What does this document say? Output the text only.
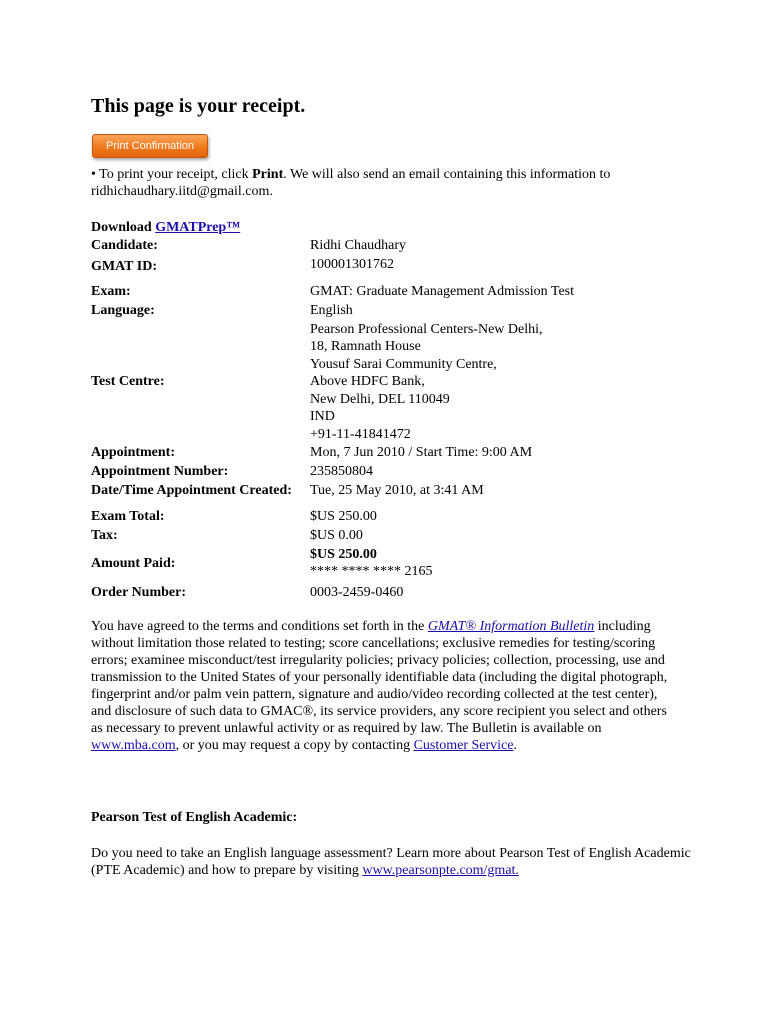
This page is your receipt.
Print Confirmation

• To print your receipt, click Print. We will also send an email containing this information to ridhichaudhary.iitd@gmail.com.

Download GMATPrep™
Candidate:	Ridhi Chaudhary
GMAT ID:	100001301762
Exam:	GMAT: Graduate Management Admission Test
Language:	English
Test Centre:
Pearson Professional Centers-New Delhi,
18, Ramnath House
Yousuf Sarai Community Centre,
Above HDFC Bank,
New Delhi, DEL 110049
IND
+91-11-41841472
Appointment:	Mon, 7 Jun 2010 / Start Time: 9:00 AM
Appointment Number:	235850804
Date/Time Appointment Created: Tue, 25 May 2010, at 3:41 AM
Exam Total:	$US 250.00
Tax:	$US 0.00
Amount Paid:
$US 250.00
**** **** **** 2165
Order Number:	0003-2459-0460

You have agreed to the terms and conditions set forth in the GMAT® Information Bulletin including without limitation those related to testing; score cancellations; exclusive remedies for testing/scoring errors; examinee misconduct/test irregularity policies; privacy policies; collection, processing, use and transmission to the United States of your personally identifiable data (including the digital photograph, fingerprint and/or palm vein pattern, signature and audio/video recording collected at the test center), and disclosure of such data to GMAC®, its service providers, any score recipient you select and others as necessary to prevent unlawful activity or as required by law. The Bulletin is available on www.mba.com, or you may request a copy by contacting Customer Service.

Pearson Test of English Academic:

Do you need to take an English language assessment? Learn more about Pearson Test of English Academic (PTE Academic) and how to prepare by visiting www.pearsonpte.com/gmat.
